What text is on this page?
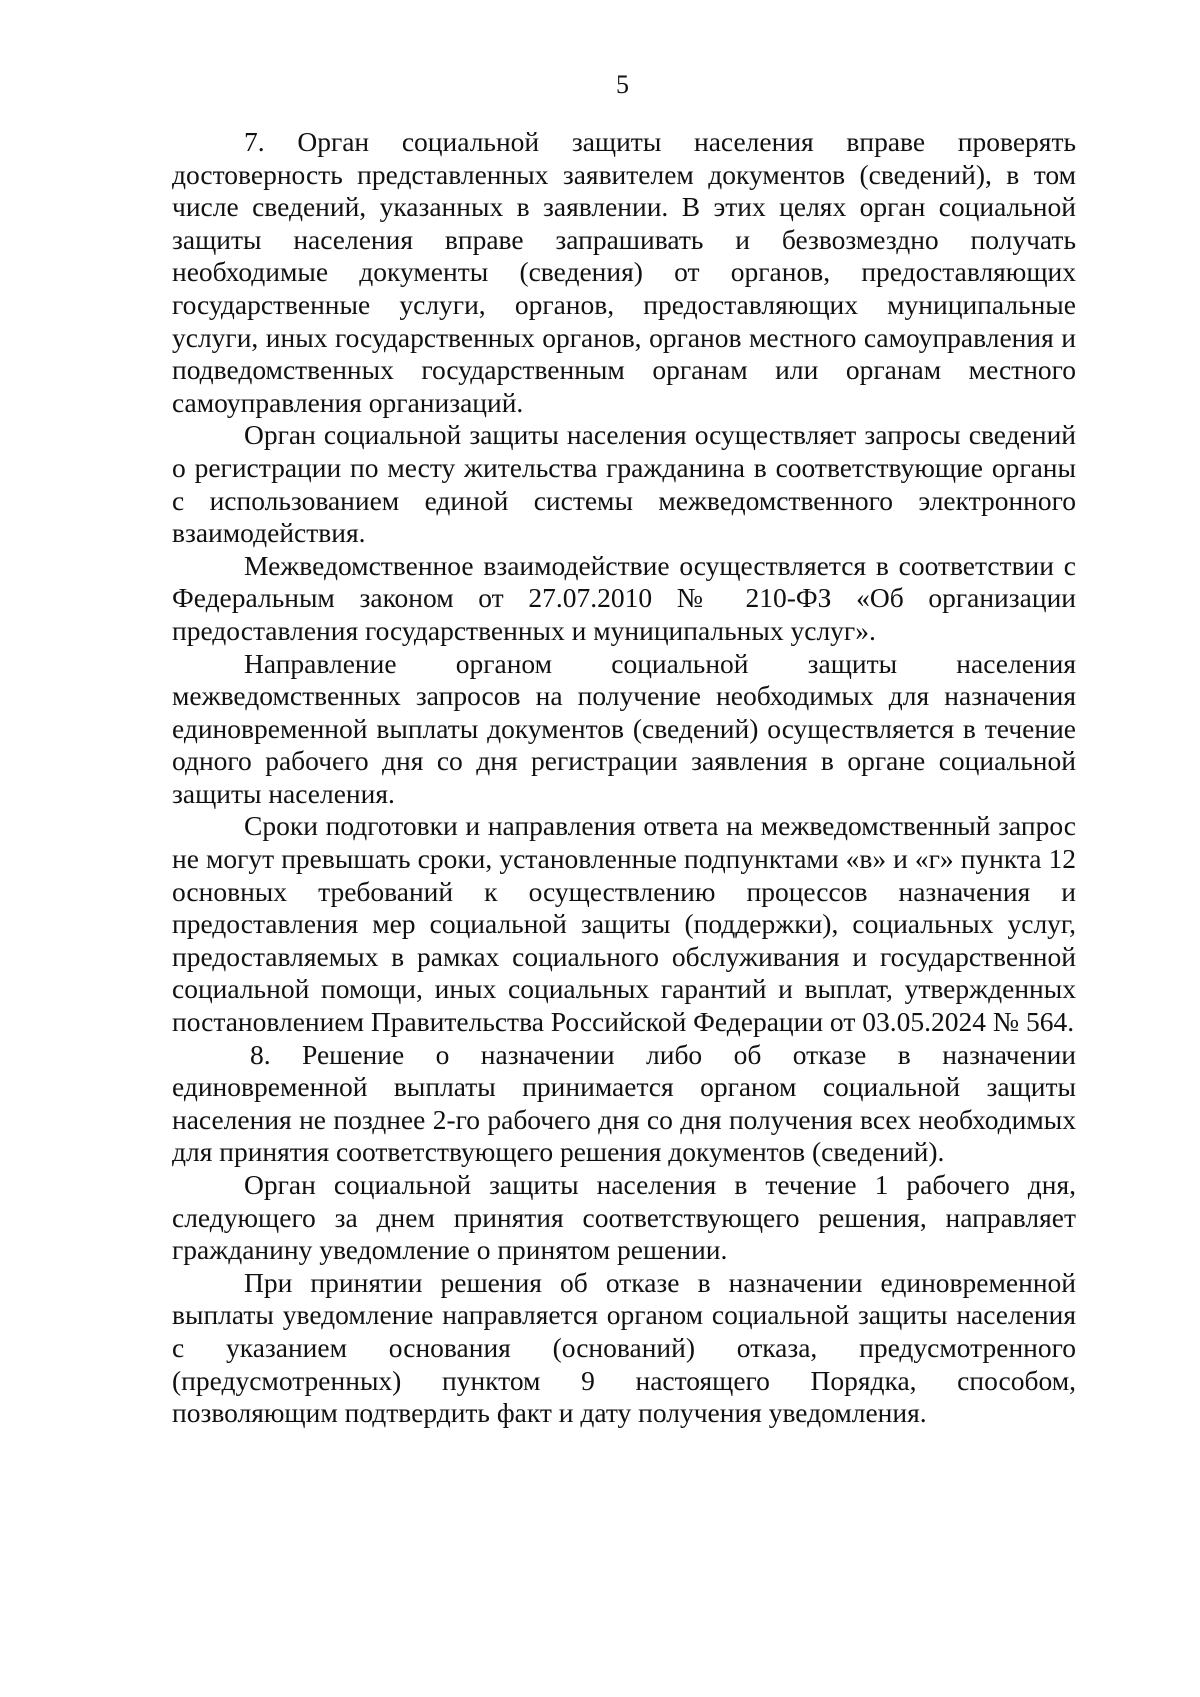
5

7. Орган социальной защиты населения вправе проверять достоверность представленных заявителем документов (сведений), в том числе сведений, указанных в заявлении. В этих целях орган социальной защиты населения вправе запрашивать и безвозмездно получать необходимые документы (сведения) от органов, предоставляющих государственные услуги, органов, предоставляющих муниципальные услуги, иных государственных органов, органов местного самоуправления и подведомственных государственным органам или органам местного самоуправления организаций.

Орган социальной защиты населения осуществляет запросы сведений о регистрации по месту жительства гражданина в соответствующие органы с использованием единой системы межведомственного электронного взаимодействия.

Межведомственное взаимодействие осуществляется в соответствии с Федеральным законом от 27.07.2010 № 210-ФЗ «Об организации предоставления государственных и муниципальных услуг».

Направление органом социальной защиты населения межведомственных запросов на получение необходимых для назначения единовременной выплаты документов (сведений) осуществляется в течение одного рабочего дня со дня регистрации заявления в органе социальной защиты населения.

Сроки подготовки и направления ответа на межведомственный запрос не могут превышать сроки, установленные подпунктами «в» и «г» пункта 12 основных требований к осуществлению процессов назначения и предоставления мер социальной защиты (поддержки), социальных услуг, предоставляемых в рамках социального обслуживания и государственной социальной помощи, иных социальных гарантий и выплат, утвержденных постановлением Правительства Российской Федерации от 03.05.2024 № 564.

8. Решение о назначении либо об отказе в назначении единовременной выплаты принимается органом социальной защиты населения не позднее 2-го рабочего дня со дня получения всех необходимых для принятия соответствующего решения документов (сведений).

Орган социальной защиты населения в течение 1 рабочего дня, следующего за днем принятия соответствующего решения, направляет гражданину уведомление о принятом решении.

При принятии решения об отказе в назначении единовременной выплаты уведомление направляется органом социальной защиты населения с указанием основания (оснований) отказа, предусмотренного (предусмотренных) пунктом 9 настоящего Порядка, способом, позволяющим подтвердить факт и дату получения уведомления.
